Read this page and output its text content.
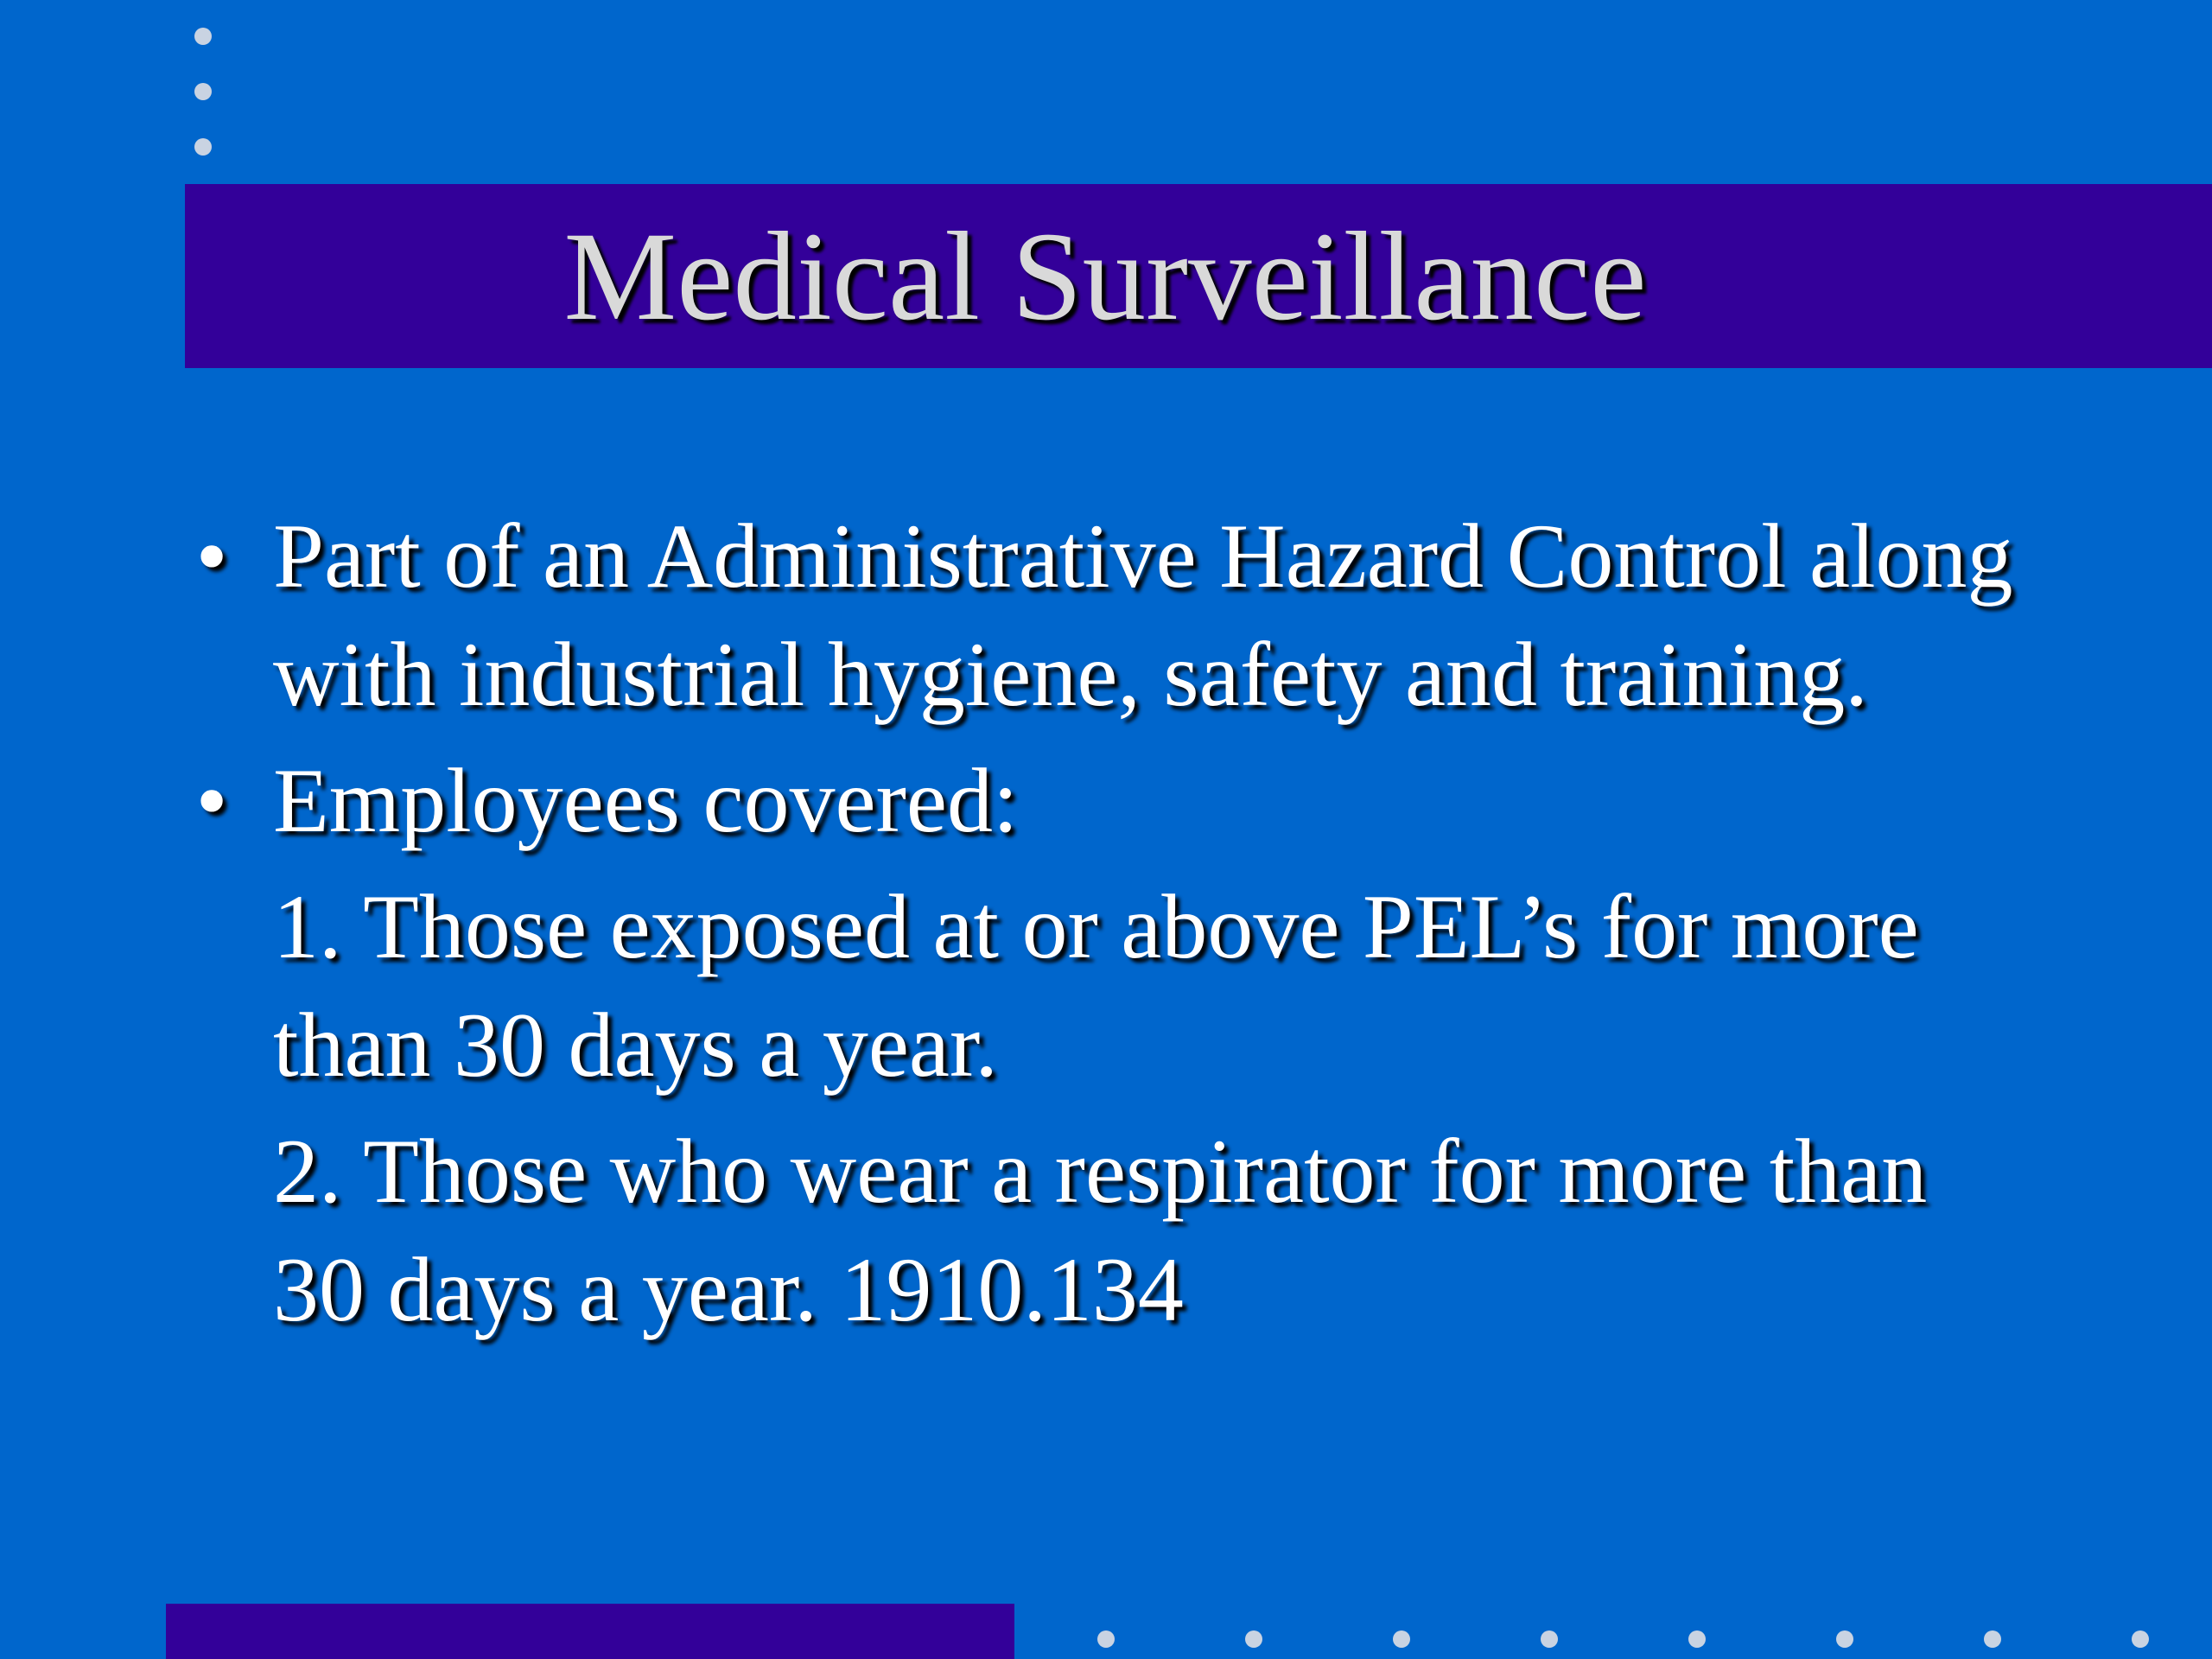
Medical Surveillance
• Part of an Administrative Hazard Control along with industrial hygiene, safety and training.
• Employees covered:
1. Those exposed at or above PEL’s for more than 30 days a year.
2. Those who wear a respirator for more than 30 days a year. 1910.134
